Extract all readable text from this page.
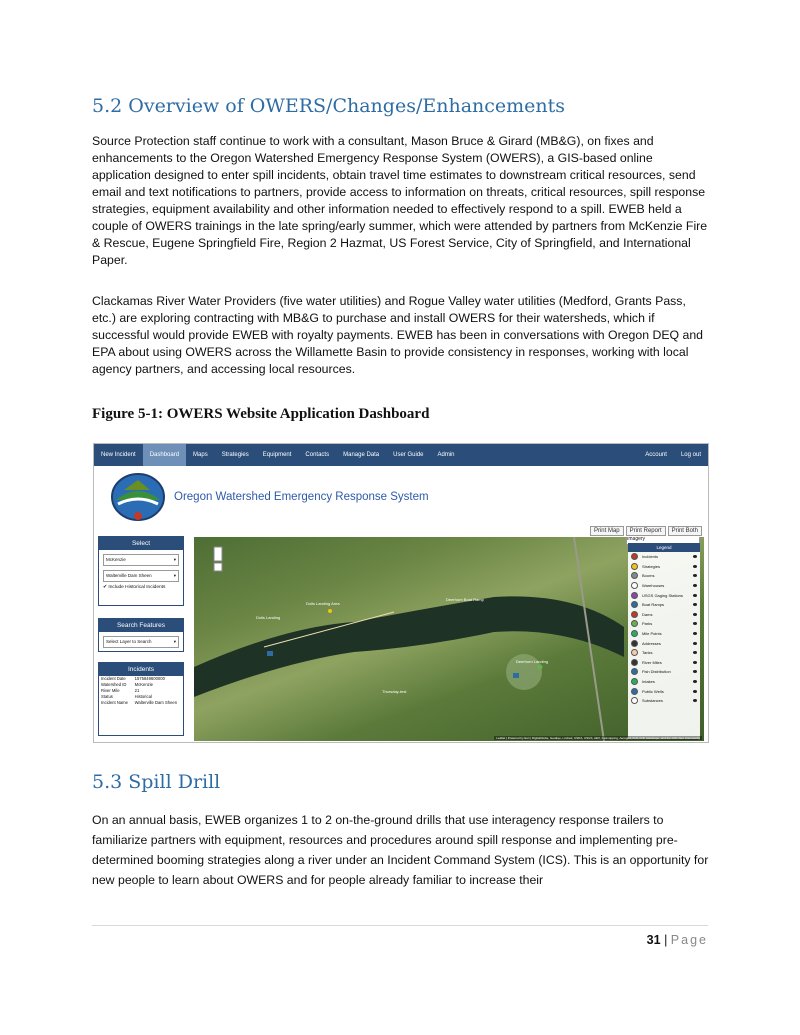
5.2 Overview of OWERS/Changes/Enhancements

Source Protection staff continue to work with a consultant, Mason Bruce & Girard (MB&G), on fixes and enhancements to the Oregon Watershed Emergency Response System (OWERS), a GIS-based online application designed to enter spill incidents, obtain travel time estimates to downstream critical resources, send email and text notifications to partners, provide access to information on threats, critical resources, spill response strategies, equipment availability and other information needed to effectively respond to a spill. EWEB held a couple of OWERS trainings in the late spring/early summer, which were attended by partners from McKenzie Fire & Rescue, Eugene Springfield Fire, Region 2 Hazmat, US Forest Service, City of Springfield, and International Paper.

Clackamas River Water Providers (five water utilities) and Rogue Valley water utilities (Medford, Grants Pass, etc.) are exploring contracting with MB&G to purchase and install OWERS for their watersheds, which if successful would provide EWEB with royalty payments. EWEB has been in conversations with Oregon DEQ and EPA about using OWERS across the Willamette Basin to provide consistency in responses, working with local agency partners, and accessing local resources.

Figure 5-1: OWERS Website Application Dashboard
New Incident	Dashboard	Maps	Strategies	Equipment	Contacts	Manage Data	User Guide	Admin	Account	Log out
Oregon Watershed Emergency Response System
Print Map	Print Report	Print Both
Select
McKenzie	▾
Walterville Dam Sheen	▾
✔ Include Historical Incidents
Search Features
Select Layer to Search	▾
Incidents
Incident Date	1575849600000
Watershed ID	McKenzie
River Mile	21
Status	Historical
Incident Name	Walterville Dam Sheen
Dolls Landing Area
Dolls Landing
Deerhorn Boat Ramp
Deerhorn Landing
Thursday-test
Imagery
Legend
Incidents
Strategies
Booms
Warehouses
USGS Gaging Stations
Boat Ramps
Dams
Parks
Mile Points
Addresses
Tanks
River Miles
Fish Distribution
Intakes
Public Wells
Substances
Leaflet | Powered by Esri | DigitalGlobe, GeoEye, i-cubed, USDA, USGS, AEX, Getmapping, Aerogrid, IGN, IGP, swisstopo, and the GIS User Community
5.3 Spill Drill

On an annual basis, EWEB organizes 1 to 2 on-the-ground drills that use interagency response trailers to familiarize partners with equipment, resources and procedures around spill response and implementing pre-determined booming strategies along a river under an Incident Command System (ICS). This is an opportunity for new people to learn about OWERS and for people already familiar to increase their

31 | Page
